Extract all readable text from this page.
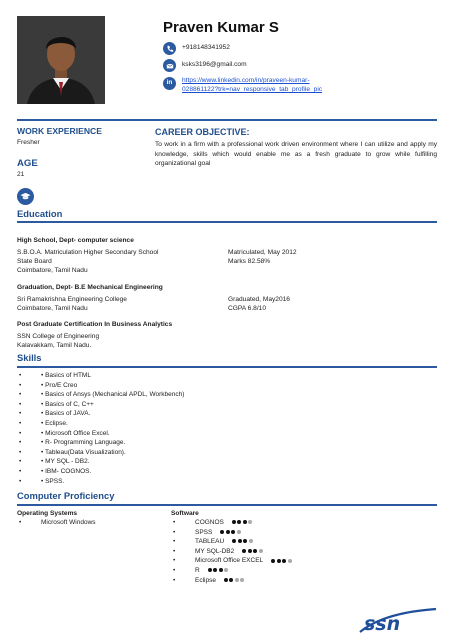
Praven Kumar S
+918148341952
ksks3196@gmail.com
in	https://www.linkedin.com/in/praveen-kumar-
028861122?trk=nav_responsive_tab_profile_pic
WORK EXPERIENCE
Fresher
AGE
21
CAREER OBJECTIVE:
To work in a firm with a professional work driven environment where I can utilize and apply my knowledge, skills which would enable me as a fresh graduate to grow while fulfilling organizational goal
Education
High School, Dept- computer science
S.B.O.A. Matriculation Higher Secondary School	Matriculated, May 2012
State Board	Marks 82.58%
Coimbatore, Tamil Nadu
Graduation, Dept- B.E Mechanical Engineering
Sri Ramakrishna Engineering College	Graduated, May2016
Coimbatore, Tamil Nadu	CGPA 6.8/10
Post Graduate Certification In Business Analytics
SSN College of Engineering
Kalavakkam, Tamil Nadu.
Skills
• • Basics of HTML
• • Pro/E Creo
• • Basics of Ansys (Mechanical APDL, Workbench)
• • Basics of C, C++
• • Basics of JAVA.
• • Eclipse.
• • Microsoft Office Excel.
• • R- Programming Language.
• • Tableau(Data Visualization).
• • MY SQL - DB2.
• • IBM- COGNOS.
• • SPSS.
Computer Proficiency
Operating Systems
• Microsoft Windows
Software
• COGNOS
• SPSS
• TABLEAU
• MY SQL-DB2
• Microsoft Office EXCEL
• R
• Eclipse
ssn
